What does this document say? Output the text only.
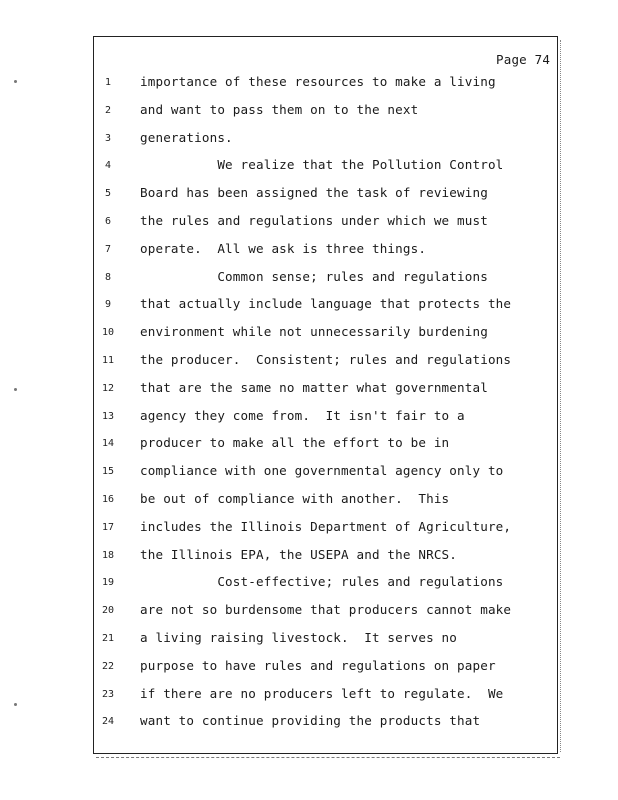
Page 74
1	importance of these resources to make a living
2	and want to pass them on to the next
3	generations.
4	We realize that the Pollution Control
5	Board has been assigned the task of reviewing
6	the rules and regulations under which we must
7	operate.  All we ask is three things.
8	Common sense; rules and regulations
9	that actually include language that protects the
10	environment while not unnecessarily burdening
11	the producer.  Consistent; rules and regulations
12	that are the same no matter what governmental
13	agency they come from.  It isn't fair to a
14	producer to make all the effort to be in
15	compliance with one governmental agency only to
16	be out of compliance with another.  This
17	includes the Illinois Department of Agriculture,
18	the Illinois EPA, the USEPA and the NRCS.
19	Cost-effective; rules and regulations
20	are not so burdensome that producers cannot make
21	a living raising livestock.  It serves no
22	purpose to have rules and regulations on paper
23	if there are no producers left to regulate.  We
24	want to continue providing the products that
